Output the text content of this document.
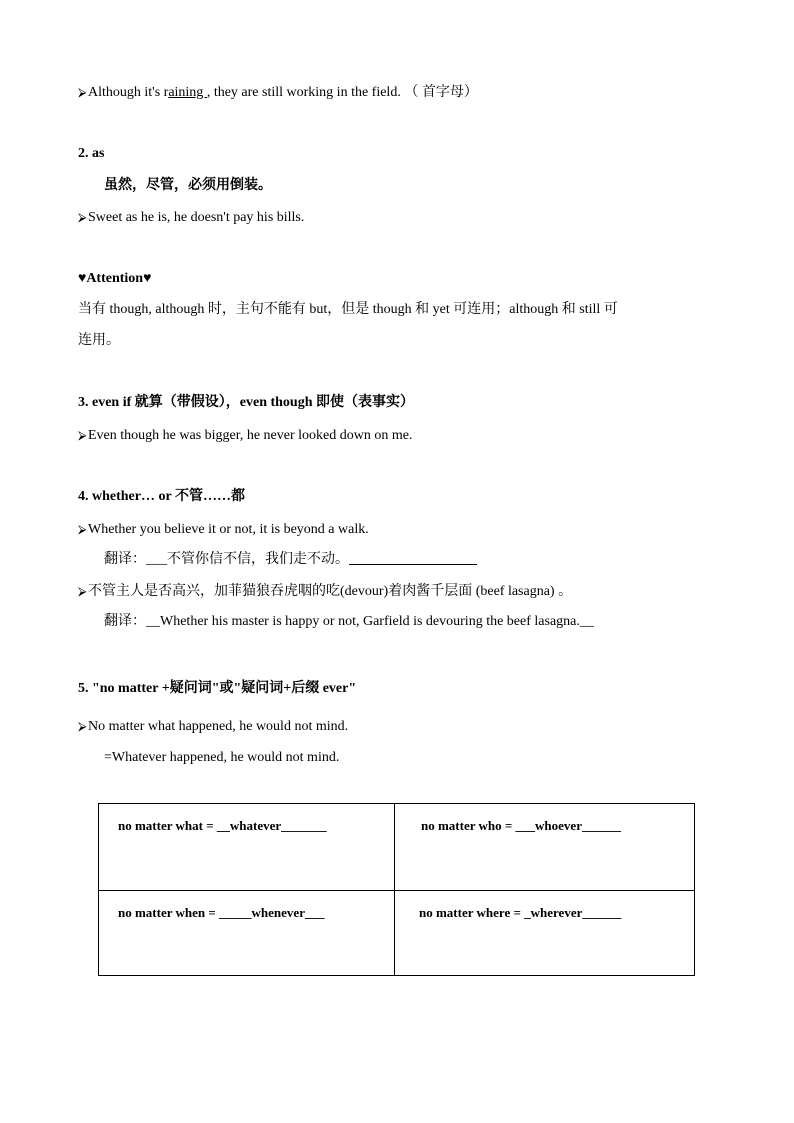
⮚Although it's raining , they are still working in the field. （ 首字母）
2. as
虽然，尽管，必须用倒装。
⮚Sweet as he is, he doesn't pay his bills.
♥Attention♥
当有 though, although 时，主句不能有 but，但是 though 和 yet 可连用；although 和 still 可
连用。
3. even if 就算（带假设），even though 即使（表事实）
⮚Even though he was bigger, he never looked down on me.
4. whether… or 不管……都
⮚Whether you believe it or not, it is beyond a walk.
翻译：___不管你信不信，我们走不动。
⮚不管主人是否高兴，加菲猫狼吞虎咽的吃(devour)着肉酱千层面 (beef lasagna) 。
翻译：__Whether his master is happy or not, Garfield is devouring the beef lasagna.__
5. "no matter +疑问词"或"疑问词+后缀 ever"
⮚No matter what happened, he would not mind.
=Whatever happened, he would not mind.
no matter what = __whatever_______	no matter who = ___whoever______
no matter when = _____whenever___	no matter where = _wherever______
